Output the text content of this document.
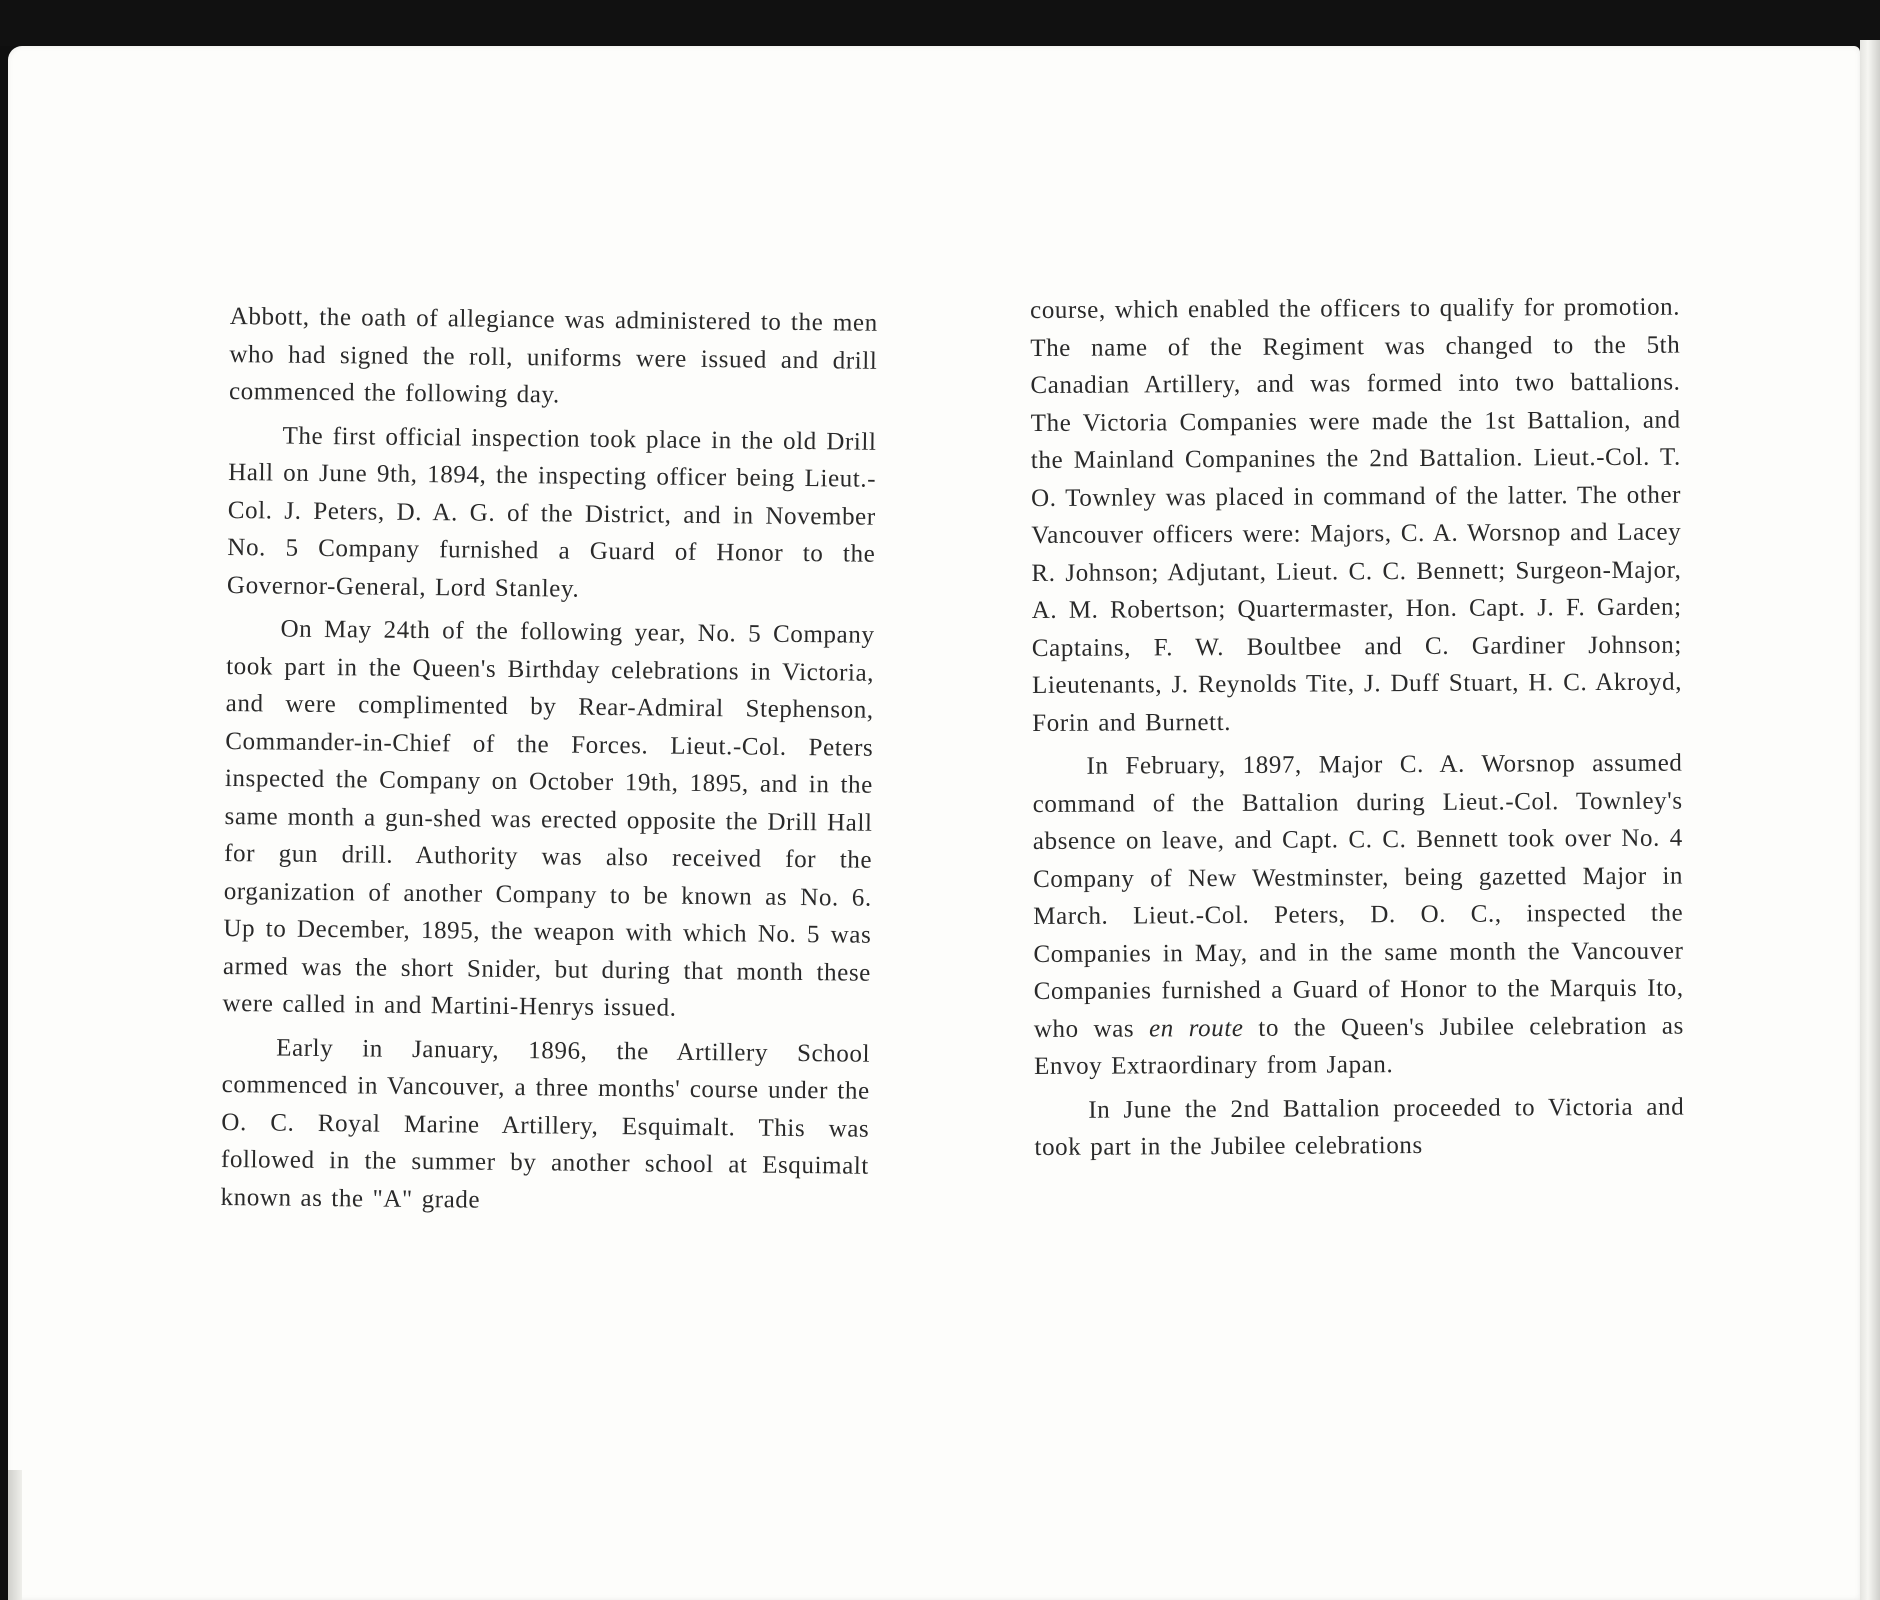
Abbott, the oath of allegiance was administered to the men who had signed the roll, uniforms were issued and drill commenced the following day.

The first official inspection took place in the old Drill Hall on June 9th, 1894, the inspecting officer being Lieut.-Col. J. Peters, D. A. G. of the District, and in November No. 5 Company furnished a Guard of Honor to the Governor-General, Lord Stanley.

On May 24th of the following year, No. 5 Company took part in the Queen's Birthday celebrations in Victoria, and were complimented by Rear-Admiral Stephenson, Commander-in-Chief of the Forces. Lieut.-Col. Peters inspected the Company on October 19th, 1895, and in the same month a gun-shed was erected opposite the Drill Hall for gun drill. Authority was also received for the organization of another Company to be known as No. 6. Up to December, 1895, the weapon with which No. 5 was armed was the short Snider, but during that month these were called in and Martini-Henrys issued.

Early in January, 1896, the Artillery School commenced in Vancouver, a three months' course under the O. C. Royal Marine Artillery, Esquimalt. This was followed in the summer by another school at Esquimalt known as the "A" grade

course, which enabled the officers to qualify for promotion. The name of the Regiment was changed to the 5th Canadian Artillery, and was formed into two battalions. The Victoria Companies were made the 1st Battalion, and the Mainland Companines the 2nd Battalion. Lieut.-Col. T. O. Townley was placed in command of the latter. The other Vancouver officers were: Majors, C. A. Worsnop and Lacey R. Johnson; Adjutant, Lieut. C. C. Bennett; Surgeon-Major, A. M. Robertson; Quartermaster, Hon. Capt. J. F. Garden; Captains, F. W. Boultbee and C. Gardiner Johnson; Lieutenants, J. Reynolds Tite, J. Duff Stuart, H. C. Akroyd, Forin and Burnett.

In February, 1897, Major C. A. Worsnop assumed command of the Battalion during Lieut.-Col. Townley's absence on leave, and Capt. C. C. Bennett took over No. 4 Company of New Westminster, being gazetted Major in March. Lieut.-Col. Peters, D. O. C., inspected the Companies in May, and in the same month the Vancouver Companies furnished a Guard of Honor to the Marquis Ito, who was en route to the Queen's Jubilee celebration as Envoy Extraordinary from Japan.

In June the 2nd Battalion proceeded to Victoria and took part in the Jubilee celebrations
